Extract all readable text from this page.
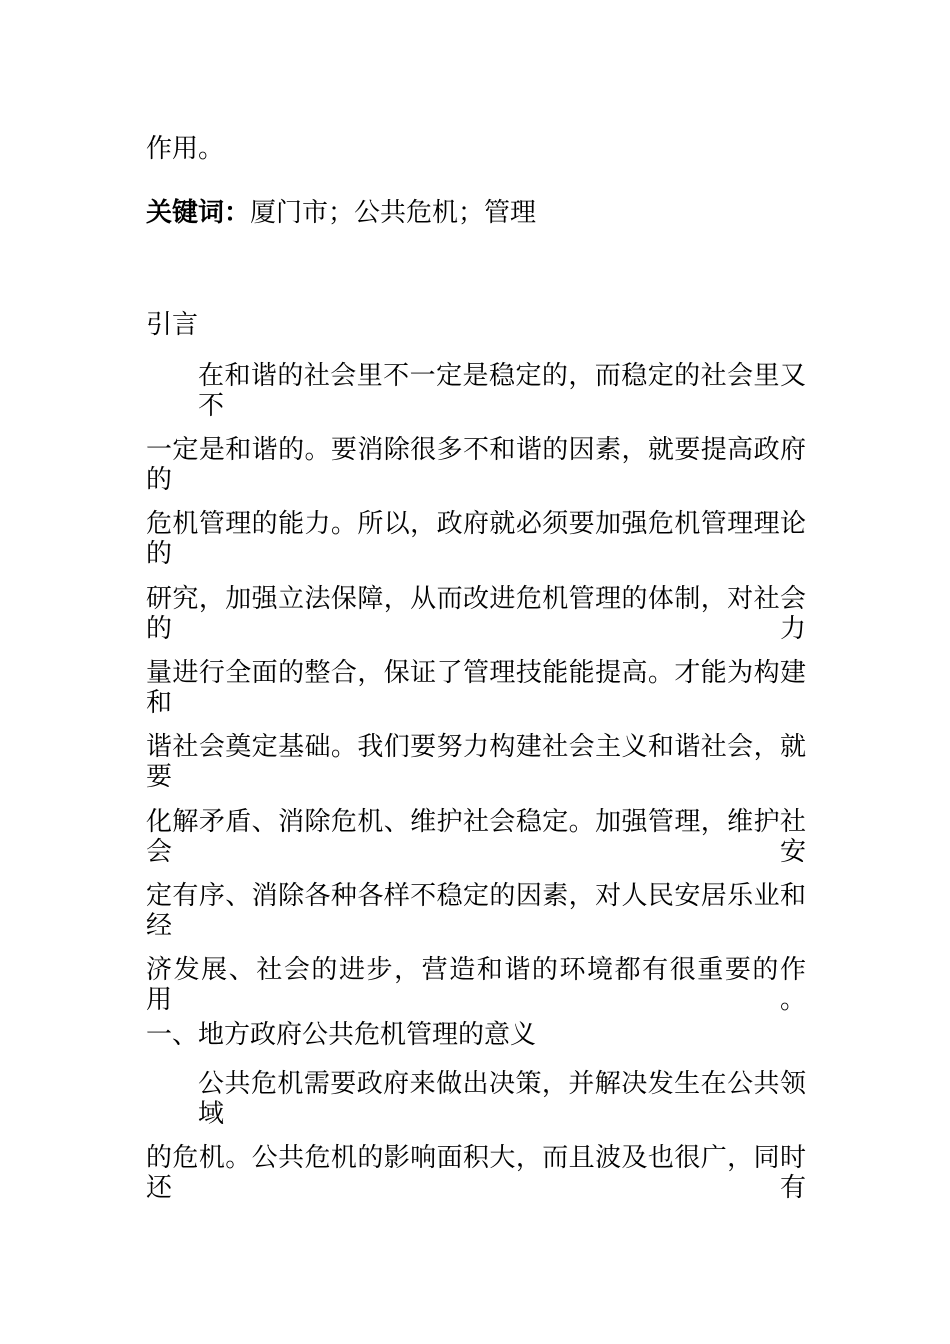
作用。
关键词：厦门市；公共危机；管理
引言
在和谐的社会里不一定是稳定的，而稳定的社会里又不
一定是和谐的。要消除很多不和谐的因素，就要提高政府的
危机管理的能力。所以，政府就必须要加强危机管理理论的
研究，加强立法保障，从而改进危机管理的体制，对社会的力
量进行全面的整合，保证了管理技能能提高。才能为构建和
谐社会奠定基础。我们要努力构建社会主义和谐社会，就要
化解矛盾、消除危机、维护社会稳定。加强管理，维护社会安
定有序、消除各种各样不稳定的因素，对人民安居乐业和经
济发展、社会的进步，营造和谐的环境都有很重要的作用。
一、地方政府公共危机管理的意义
公共危机需要政府来做出决策，并解决发生在公共领域
的危机。公共危机的影响面积大，而且波及也很广，同时还有
